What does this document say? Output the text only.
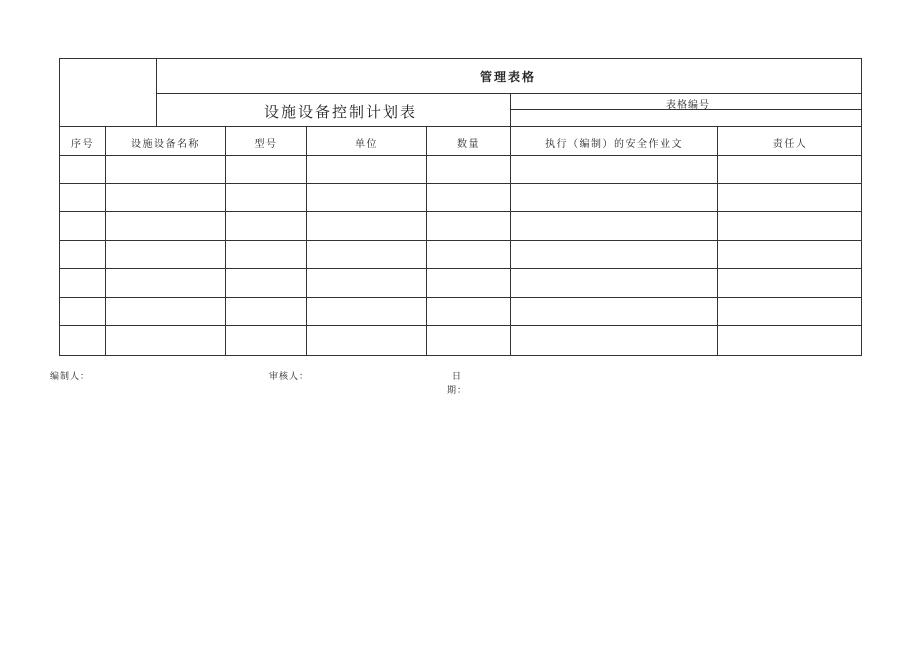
管理表格
设施设备控制计划表	表格编号
序号	设施设备名称	型号	单位	数量	执行（编制）的安全作业文	责任人
编制人：	审核人：	日
期：
